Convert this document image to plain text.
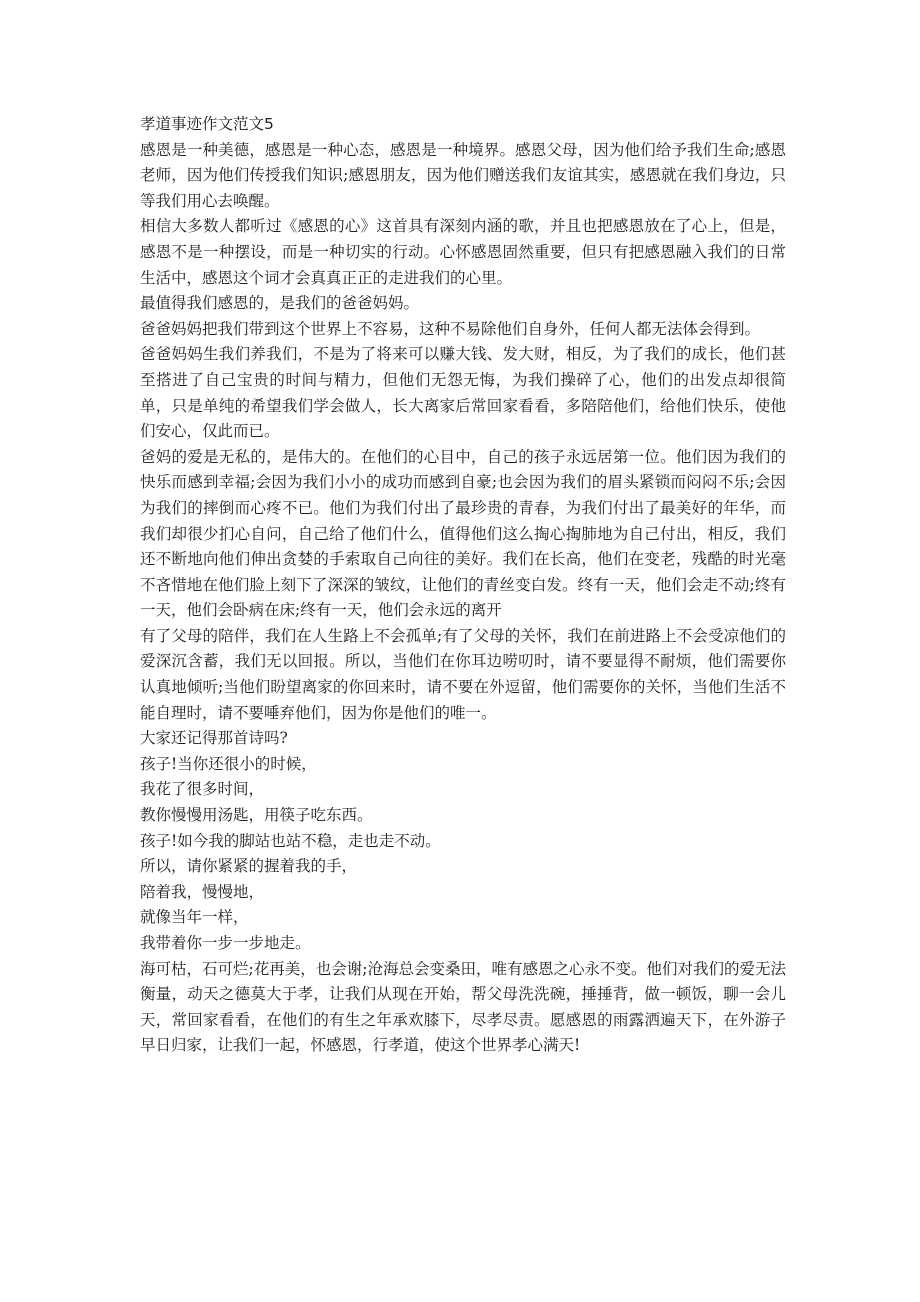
孝道事迹作文范文5

感恩是一种美德，感恩是一种心态，感恩是一种境界。感恩父母，因为他们给予我们生命;感恩老师，因为他们传授我们知识;感恩朋友，因为他们赠送我们友谊其实，感恩就在我们身边，只等我们用心去唤醒。

相信大多数人都听过《感恩的心》这首具有深刻内涵的歌，并且也把感恩放在了心上，但是，感恩不是一种摆设，而是一种切实的行动。心怀感恩固然重要，但只有把感恩融入我们的日常生活中，感恩这个词才会真真正正的走进我们的心里。

最值得我们感恩的，是我们的爸爸妈妈。

爸爸妈妈把我们带到这个世界上不容易，这种不易除他们自身外，任何人都无法体会得到。

爸爸妈妈生我们养我们，不是为了将来可以赚大钱、发大财，相反，为了我们的成长，他们甚至搭进了自己宝贵的时间与精力，但他们无怨无悔，为我们操碎了心，他们的出发点却很简单，只是单纯的希望我们学会做人，长大离家后常回家看看，多陪陪他们，给他们快乐，使他们安心，仅此而已。

爸妈的爱是无私的，是伟大的。在他们的心目中，自己的孩子永远居第一位。他们因为我们的快乐而感到幸福;会因为我们小小的成功而感到自豪;也会因为我们的眉头紧锁而闷闷不乐;会因为我们的摔倒而心疼不已。他们为我们付出了最珍贵的青春，为我们付出了最美好的年华，而我们却很少扪心自问，自己给了他们什么，值得他们这么掏心掏肺地为自己付出，相反，我们还不断地向他们伸出贪婪的手索取自己向往的美好。我们在长高，他们在变老，残酷的时光毫不吝惜地在他们脸上刻下了深深的皱纹，让他们的青丝变白发。终有一天，他们会走不动;终有一天，他们会卧病在床;终有一天，他们会永远的离开

有了父母的陪伴，我们在人生路上不会孤单;有了父母的关怀，我们在前进路上不会受凉他们的爱深沉含蓄，我们无以回报。所以，当他们在你耳边唠叨时，请不要显得不耐烦，他们需要你认真地倾听;当他们盼望离家的你回来时，请不要在外逗留，他们需要你的关怀，当他们生活不能自理时，请不要唾弃他们，因为你是他们的唯一。

大家还记得那首诗吗?

孩子!当你还很小的时候，

我花了很多时间，

教你慢慢用汤匙，用筷子吃东西。

孩子!如今我的脚站也站不稳，走也走不动。

所以，请你紧紧的握着我的手，

陪着我，慢慢地，

就像当年一样，

我带着你一步一步地走。

海可枯，石可烂;花再美，也会谢;沧海总会变桑田，唯有感恩之心永不变。他们对我们的爱无法衡量，动天之德莫大于孝，让我们从现在开始，帮父母洗洗碗，捶捶背，做一顿饭，聊一会儿天，常回家看看，在他们的有生之年承欢膝下，尽孝尽责。愿感恩的雨露洒遍天下，在外游子早日归家，让我们一起，怀感恩，行孝道，使这个世界孝心满天!
